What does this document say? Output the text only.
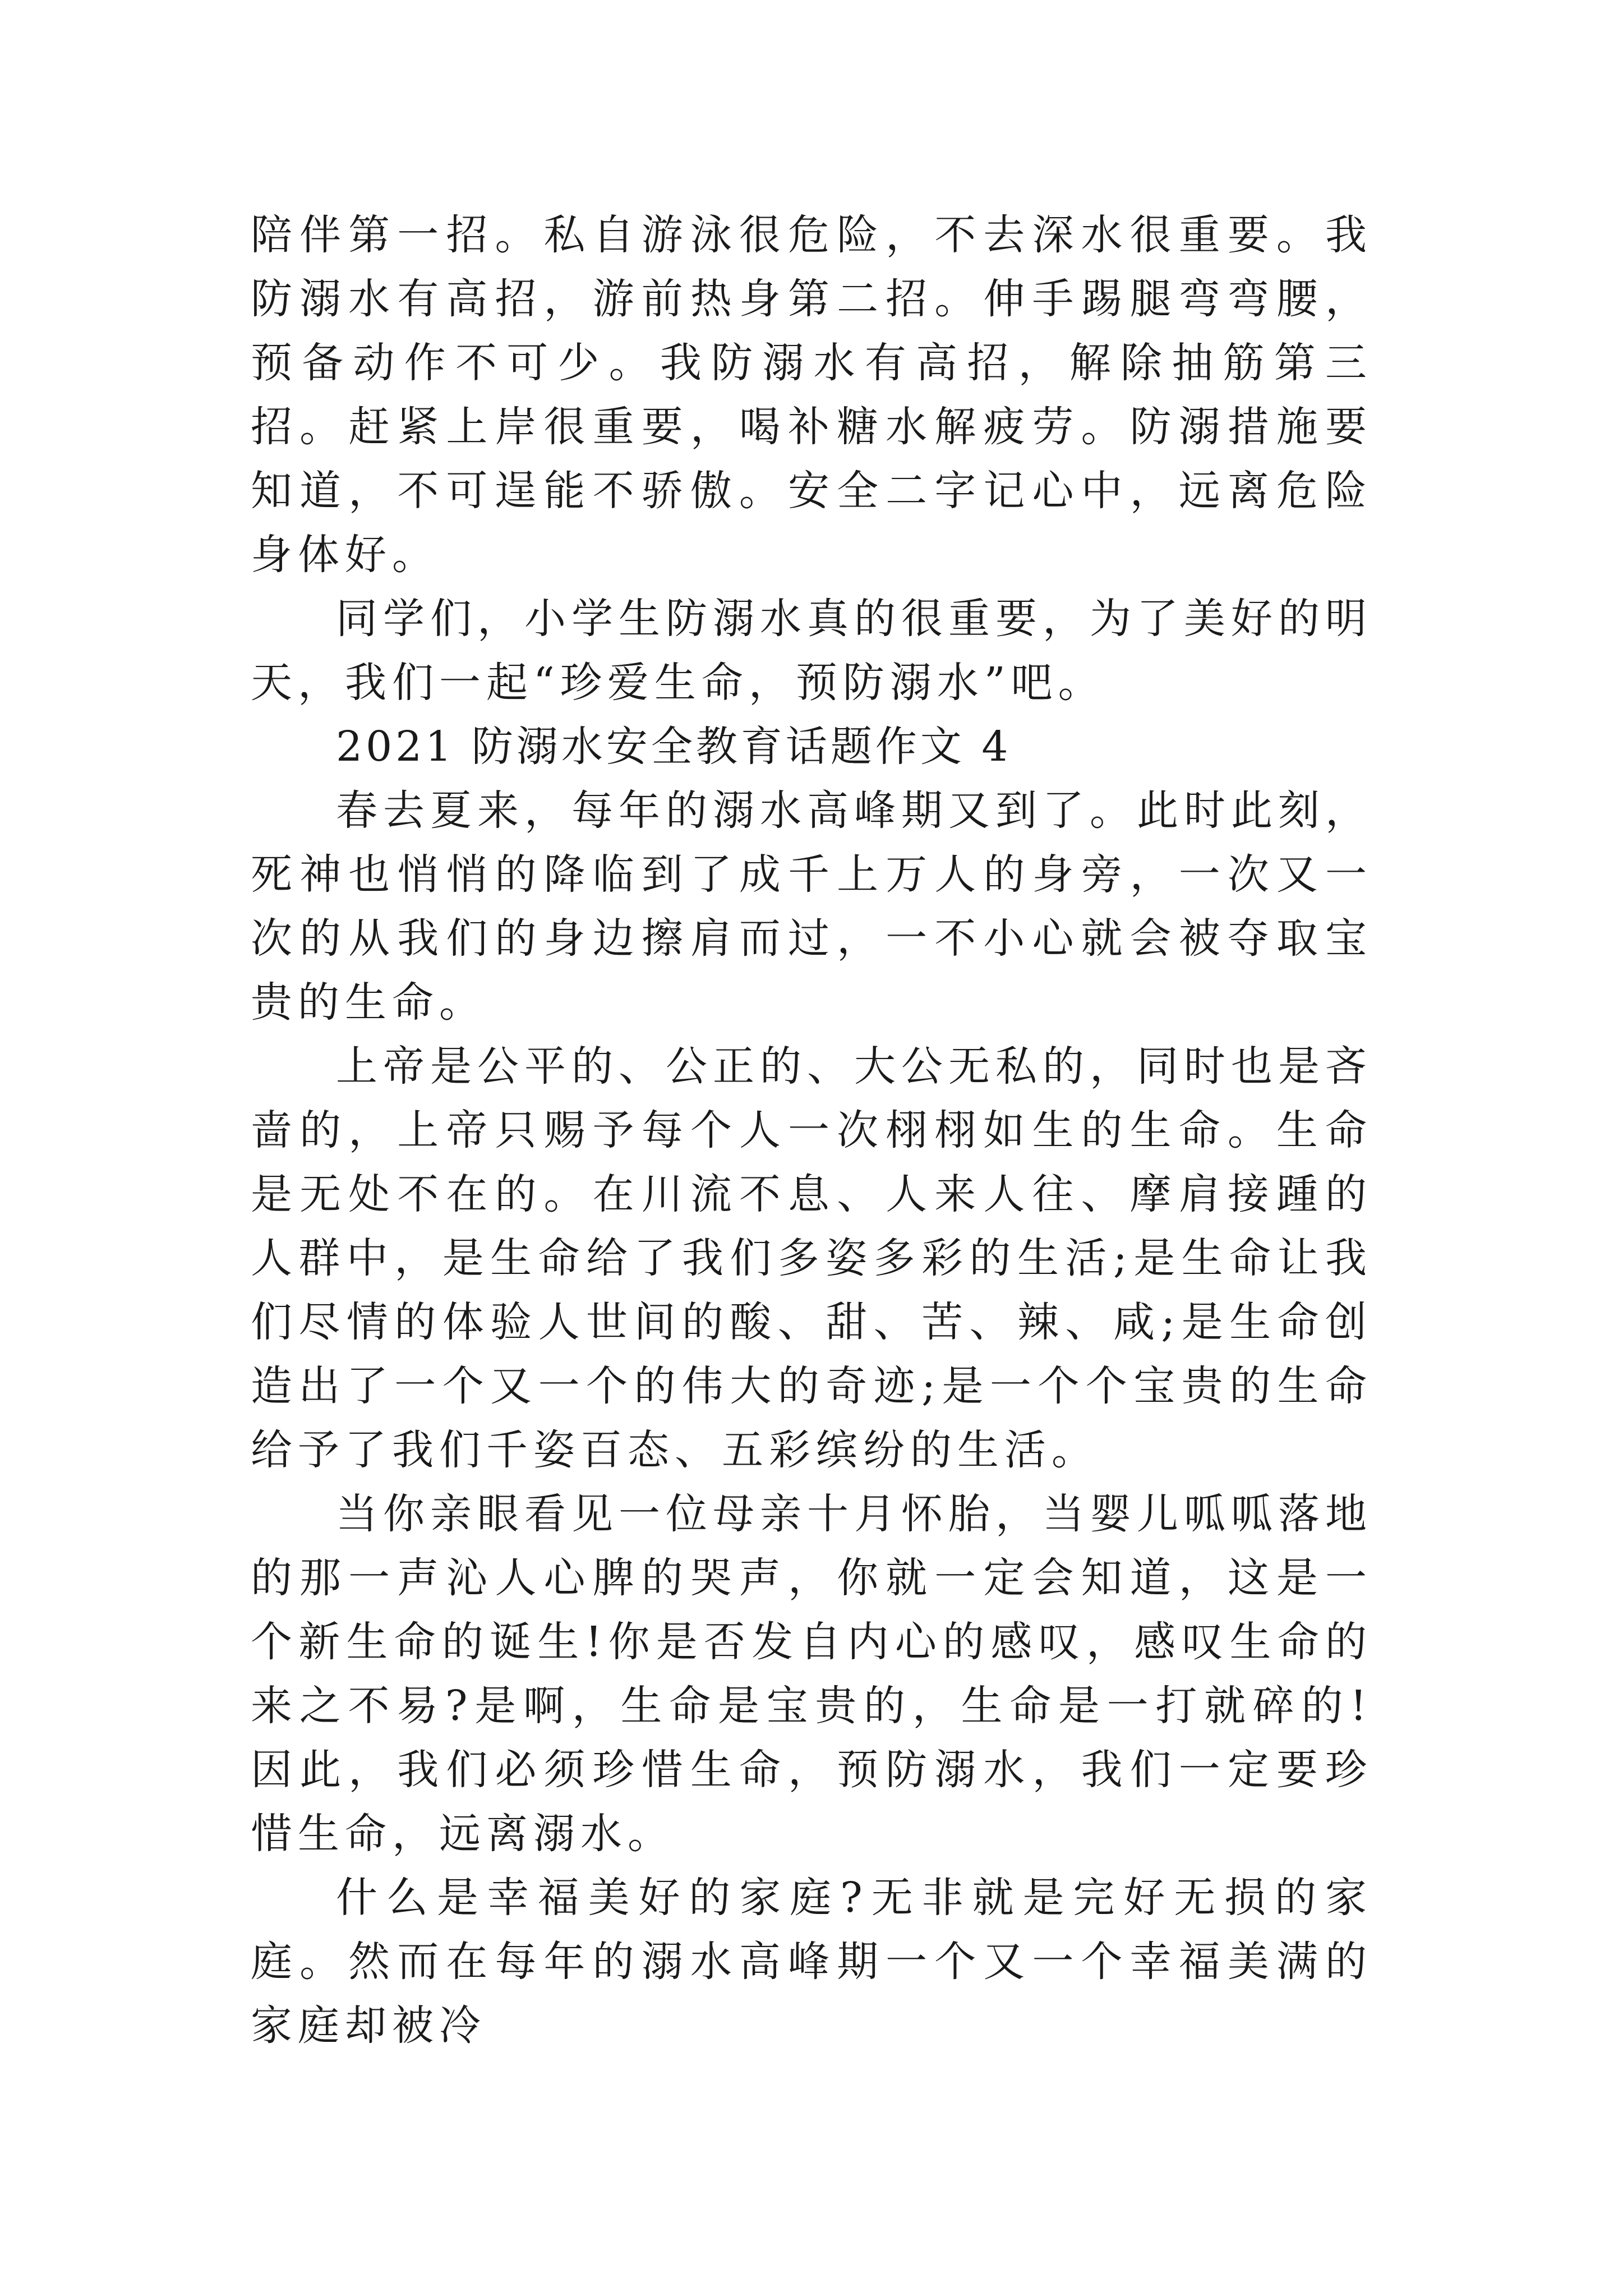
陪伴第一招。私自游泳很危险，不去深水很重要。我防溺水有高招，游前热身第二招。伸手踢腿弯弯腰，预备动作不可少。我防溺水有高招，解除抽筋第三招。赶紧上岸很重要，喝补糖水解疲劳。防溺措施要知道，不可逞能不骄傲。安全二字记心中，远离危险身体好。

同学们，小学生防溺水真的很重要，为了美好的明天，我们一起“珍爱生命，预防溺水”吧。

2021 防溺水安全教育话题作文 4

春去夏来，每年的溺水高峰期又到了。此时此刻，死神也悄悄的降临到了成千上万人的身旁，一次又一次的从我们的身边擦肩而过，一不小心就会被夺取宝贵的生命。

上帝是公平的、公正的、大公无私的，同时也是吝啬的，上帝只赐予每个人一次栩栩如生的生命。生命是无处不在的。在川流不息、人来人往、摩肩接踵的人群中，是生命给了我们多姿多彩的生活;是生命让我们尽情的体验人世间的酸、甜、苦、辣、咸;是生命创造出了一个又一个的伟大的奇迹;是一个个宝贵的生命给予了我们千姿百态、五彩缤纷的生活。

当你亲眼看见一位母亲十月怀胎，当婴儿呱呱落地的那一声沁人心脾的哭声，你就一定会知道，这是一个新生命的诞生!你是否发自内心的感叹，感叹生命的来之不易?是啊，生命是宝贵的，生命是一打就碎的!因此，我们必须珍惜生命，预防溺水，我们一定要珍惜生命，远离溺水。

什么是幸福美好的家庭?无非就是完好无损的家庭。然而在每年的溺水高峰期一个又一个幸福美满的家庭却被冷
